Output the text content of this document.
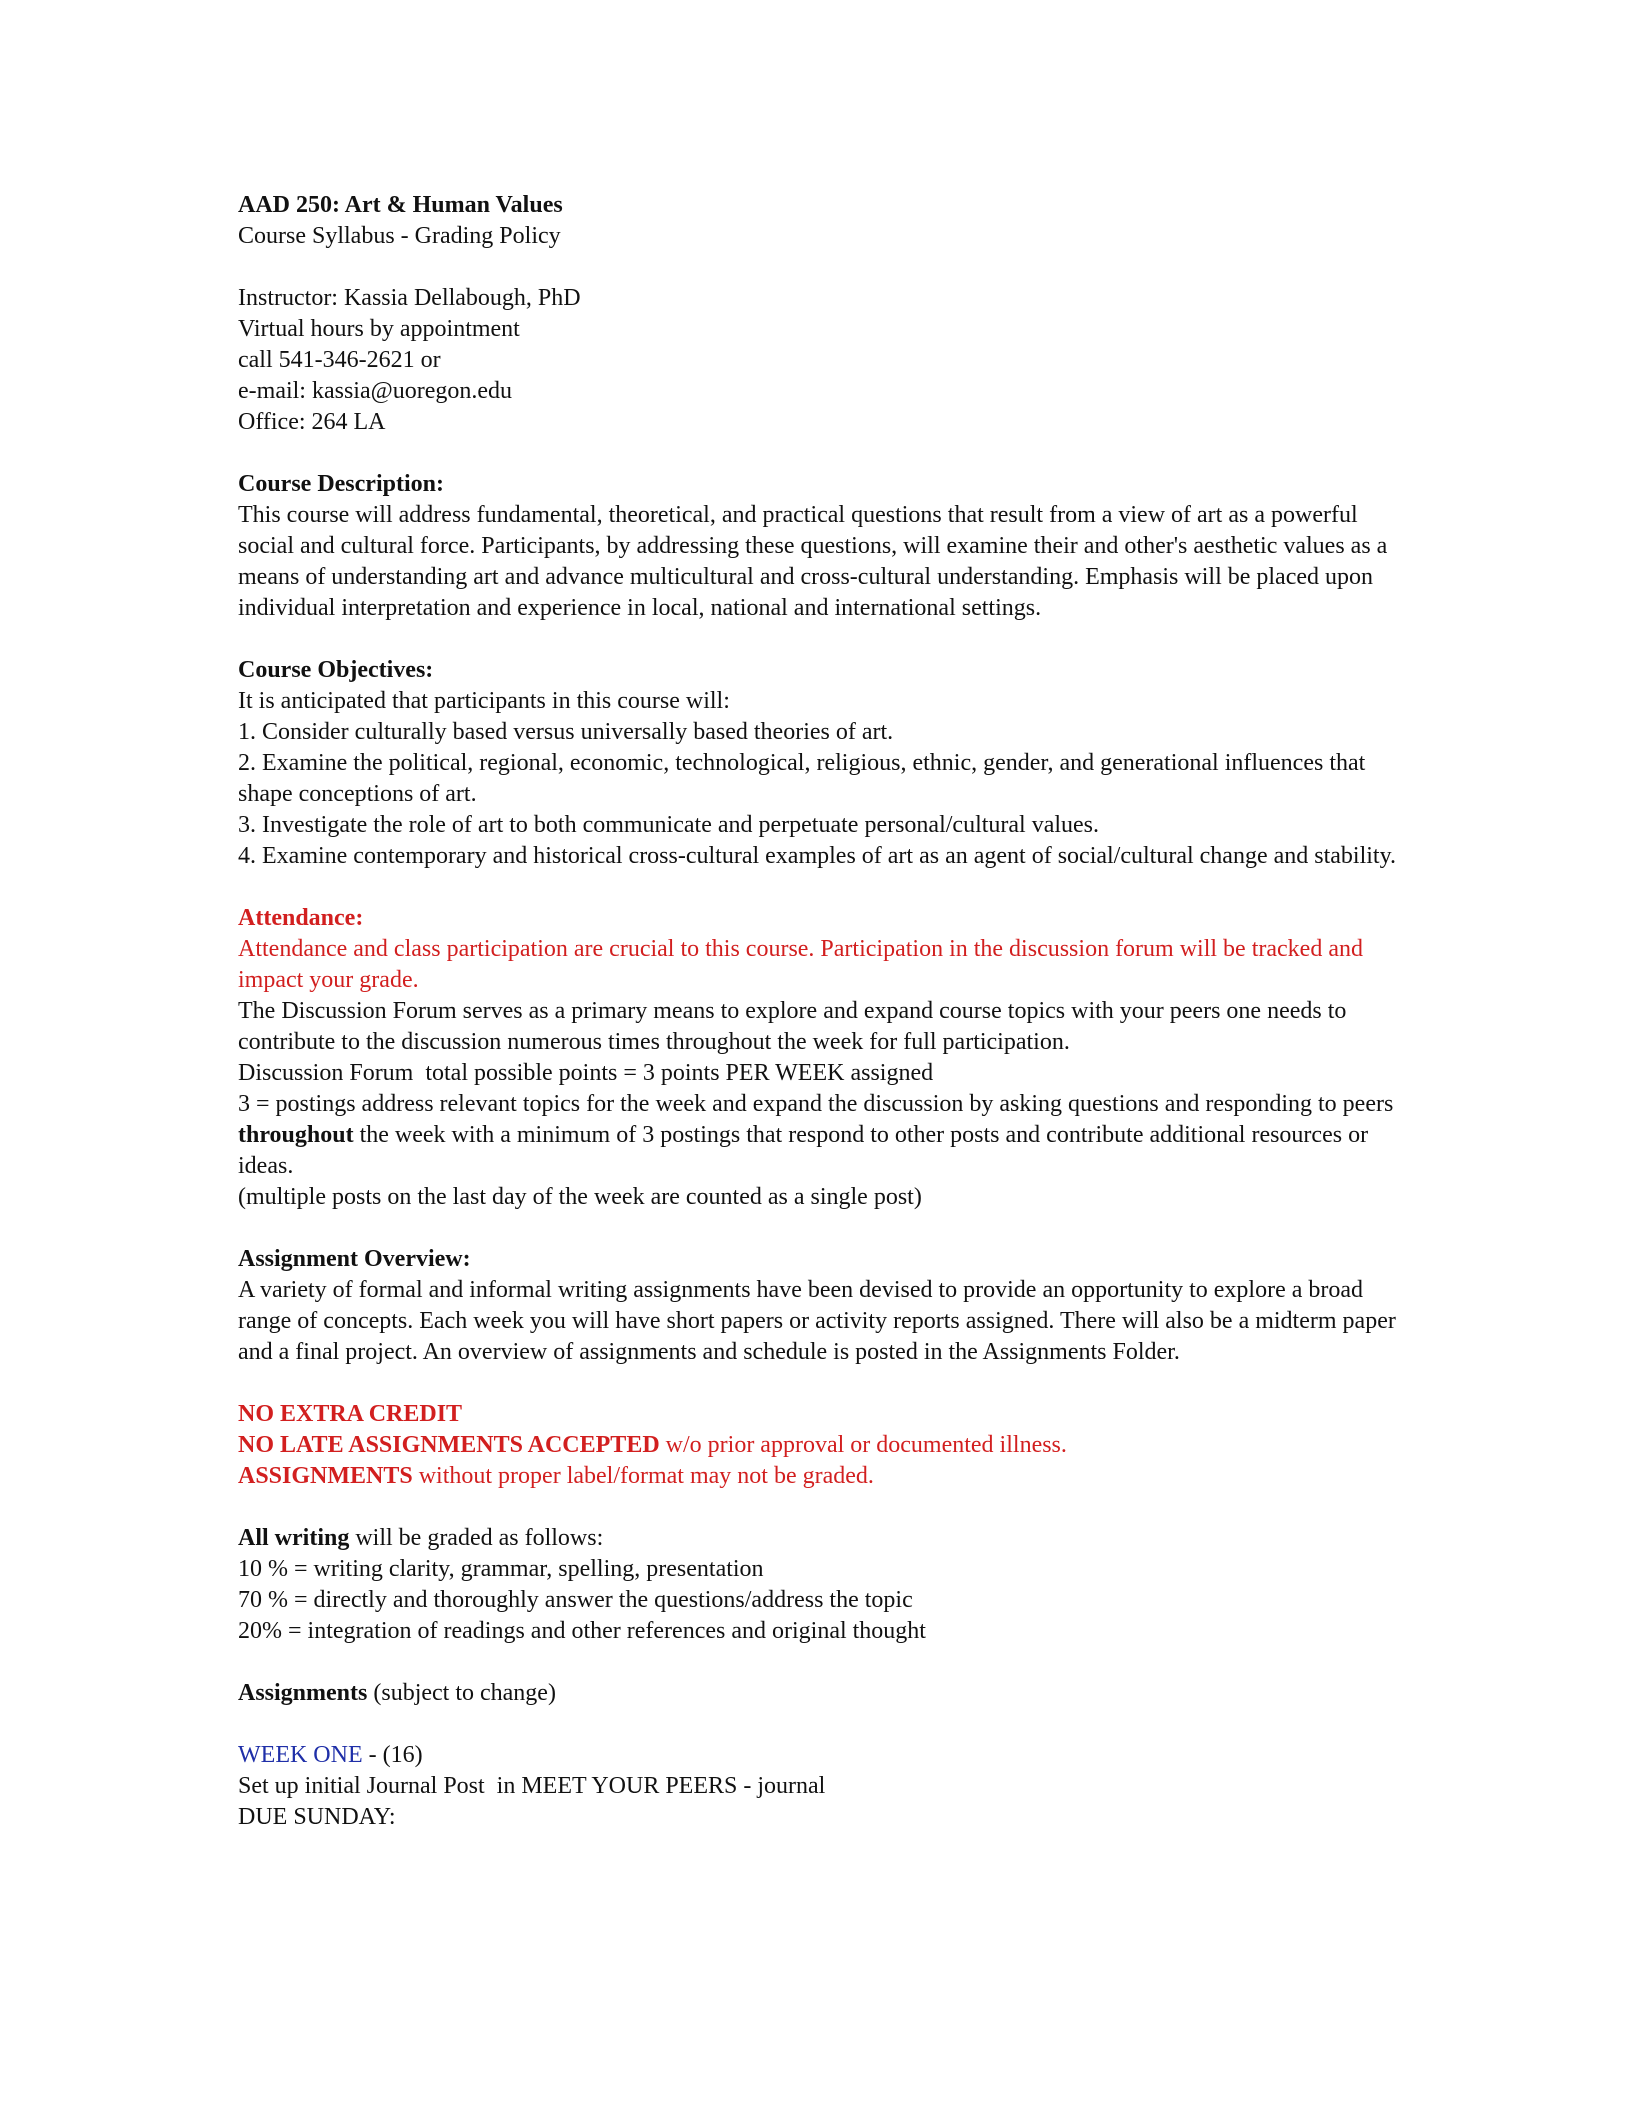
AAD 250: Art & Human Values
Course Syllabus - Grading Policy
Instructor: Kassia Dellabough, PhD
Virtual hours by appointment
call 541-346-2621 or
e-mail: kassia@uoregon.edu
Office: 264 LA
Course Description:
This course will address fundamental, theoretical, and practical questions that result from a view of art as a powerful social and cultural force. Participants, by addressing these questions, will examine their and other's aesthetic values as a means of understanding art and advance multicultural and cross-cultural understanding. Emphasis will be placed upon individual interpretation and experience in local, national and international settings.
Course Objectives:
It is anticipated that participants in this course will:
1. Consider culturally based versus universally based theories of art.
2. Examine the political, regional, economic, technological, religious, ethnic, gender, and generational influences that shape conceptions of art.
3. Investigate the role of art to both communicate and perpetuate personal/cultural values.
4. Examine contemporary and historical cross-cultural examples of art as an agent of social/cultural change and stability.
Attendance:
Attendance and class participation are crucial to this course. Participation in the discussion forum will be tracked and impact your grade.
The Discussion Forum serves as a primary means to explore and expand course topics with your peers one needs to contribute to the discussion numerous times throughout the week for full participation.
Discussion Forum  total possible points = 3 points PER WEEK assigned
3 = postings address relevant topics for the week and expand the discussion by asking questions and responding to peers throughout the week with a minimum of 3 postings that respond to other posts and contribute additional resources or ideas.
(multiple posts on the last day of the week are counted as a single post)
Assignment Overview:
A variety of formal and informal writing assignments have been devised to provide an opportunity to explore a broad range of concepts. Each week you will have short papers or activity reports assigned. There will also be a midterm paper and a final project. An overview of assignments and schedule is posted in the Assignments Folder.
NO EXTRA CREDIT
NO LATE ASSIGNMENTS ACCEPTED w/o prior approval or documented illness.
ASSIGNMENTS without proper label/format may not be graded.
All writing will be graded as follows:
10 % = writing clarity, grammar, spelling, presentation
70 % = directly and thoroughly answer the questions/address the topic
20% = integration of readings and other references and original thought
Assignments (subject to change)
WEEK ONE - (16)
Set up initial Journal Post  in MEET YOUR PEERS - journal
DUE SUNDAY:
